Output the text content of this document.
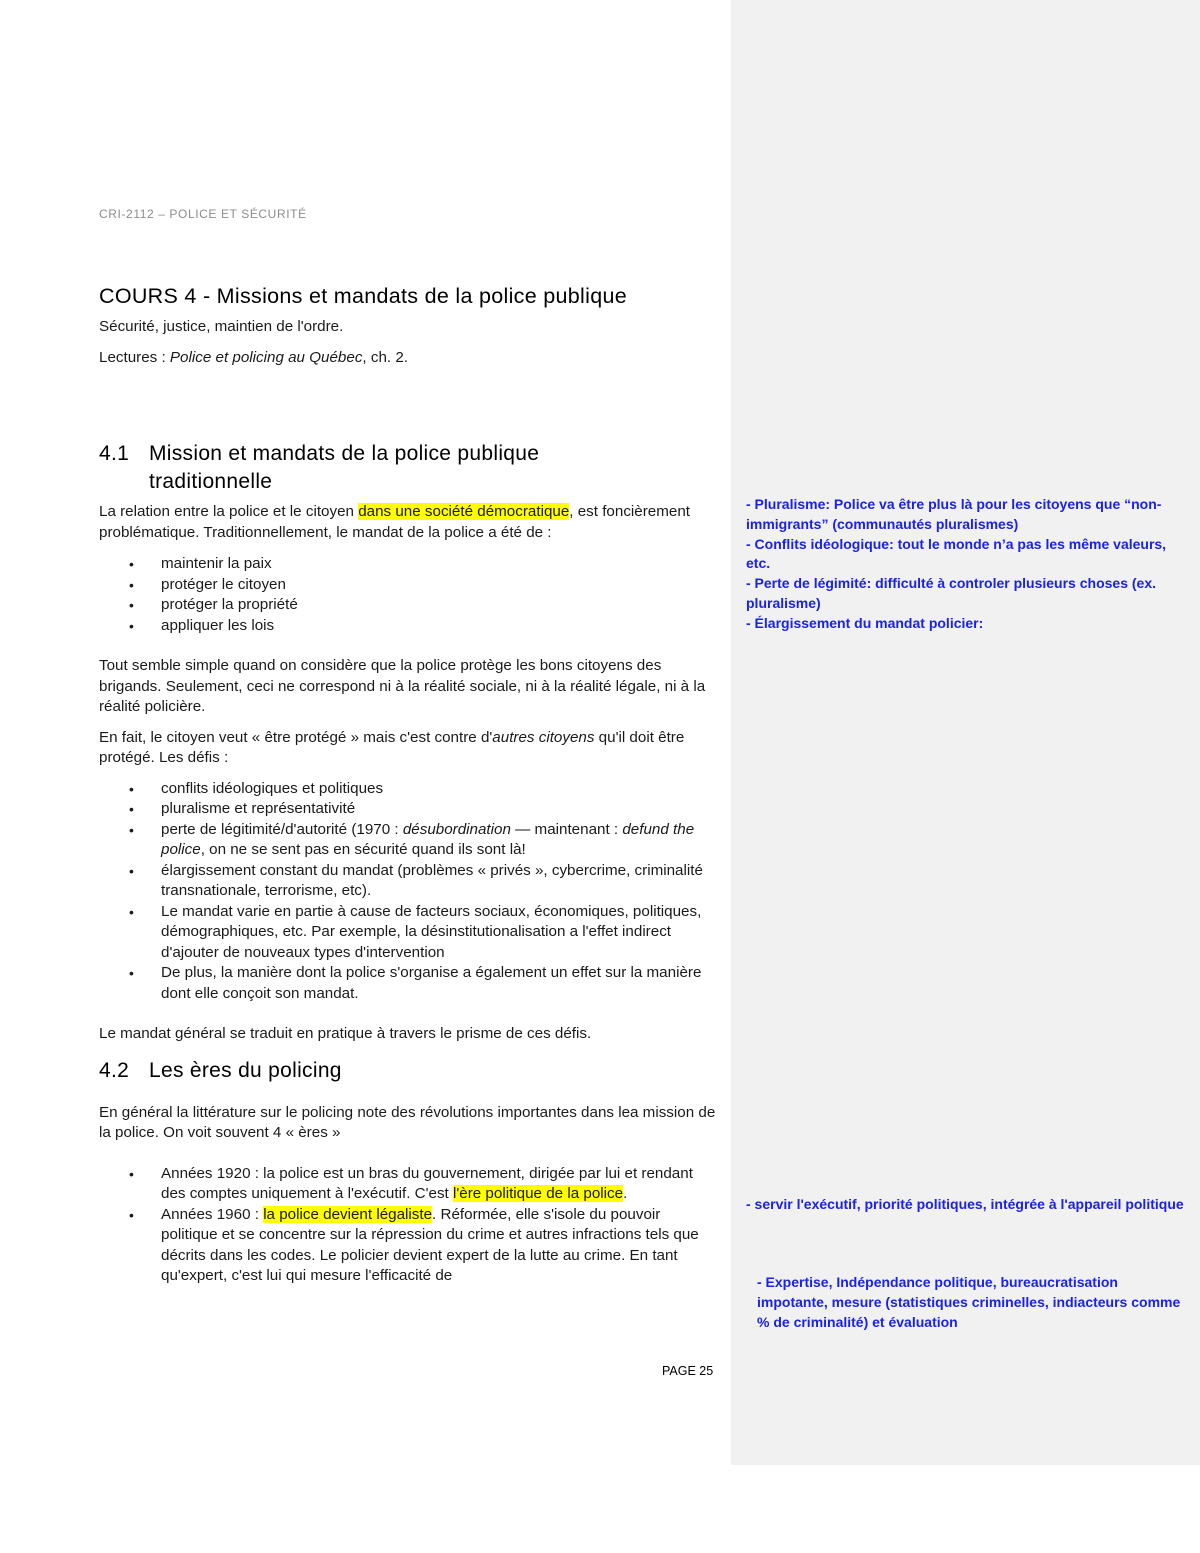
CRI-2112 – POLICE ET SÉCURITÉ
COURS 4 - Missions et mandats de la police publique

Sécurité, justice, maintien de l'ordre.

Lectures : Police et policing au Québec, ch. 2.

4.1 Mission et mandats de la police publique traditionnelle

La relation entre la police et le citoyen dans une société démocratique, est foncièrement problématique. Traditionnellement, le mandat de la police a été de :

• maintenir la paix
• protéger le citoyen
• protéger la propriété
• appliquer les lois

Tout semble simple quand on considère que la police protège les bons citoyens des brigands. Seulement, ceci ne correspond ni à la réalité sociale, ni à la réalité légale, ni à la réalité policière.

En fait, le citoyen veut « être protégé » mais c'est contre d'autres citoyens qu'il doit être protégé. Les défis :

• conflits idéologiques et politiques
• pluralisme et représentativité
• perte de légitimité/d'autorité (1970 : désubordination — maintenant : defund the police, on ne se sent pas en sécurité quand ils sont là!
• élargissement constant du mandat (problèmes « privés », cybercrime, criminalité transnationale, terrorisme, etc).
• Le mandat varie en partie à cause de facteurs sociaux, économiques, politiques, démographiques, etc. Par exemple, la désinstitutionalisation a l'effet indirect d'ajouter de nouveaux types d'intervention
• De plus, la manière dont la police s'organise a également un effet sur la manière dont elle conçoit son mandat.

Le mandat général se traduit en pratique à travers le prisme de ces défis.

4.2 Les ères du policing

En général la littérature sur le policing note des révolutions importantes dans lea mission de la police. On voit souvent 4 « ères »

• Années 1920 : la police est un bras du gouvernement, dirigée par lui et rendant des comptes uniquement à l'exécutif. C'est l'ère politique de la police.
• Années 1960 : la police devient légaliste. Réformée, elle s'isole du pouvoir politique et se concentre sur la répression du crime et autres infractions tels que décrits dans les codes. Le policier devient expert de la lutte au crime. En tant qu'expert, c'est lui qui mesure l'efficacité de
PAGE 25

- Pluralisme: Police va être plus là pour les citoyens que “non-immigrants” (communautés pluralismes)

- Conflits idéologique: tout le monde n’a pas les même valeurs, etc.

- Perte de légimité: difficulté à controler plusieurs choses (ex. pluralisme)

- Élargissement du mandat policier:

- servir l'exécutif, priorité politiques, intégrée à l'appareil politique

- Expertise, Indépendance politique, bureaucratisation impotante, mesure (statistiques criminelles, indiacteurs comme % de criminalité) et évaluation
